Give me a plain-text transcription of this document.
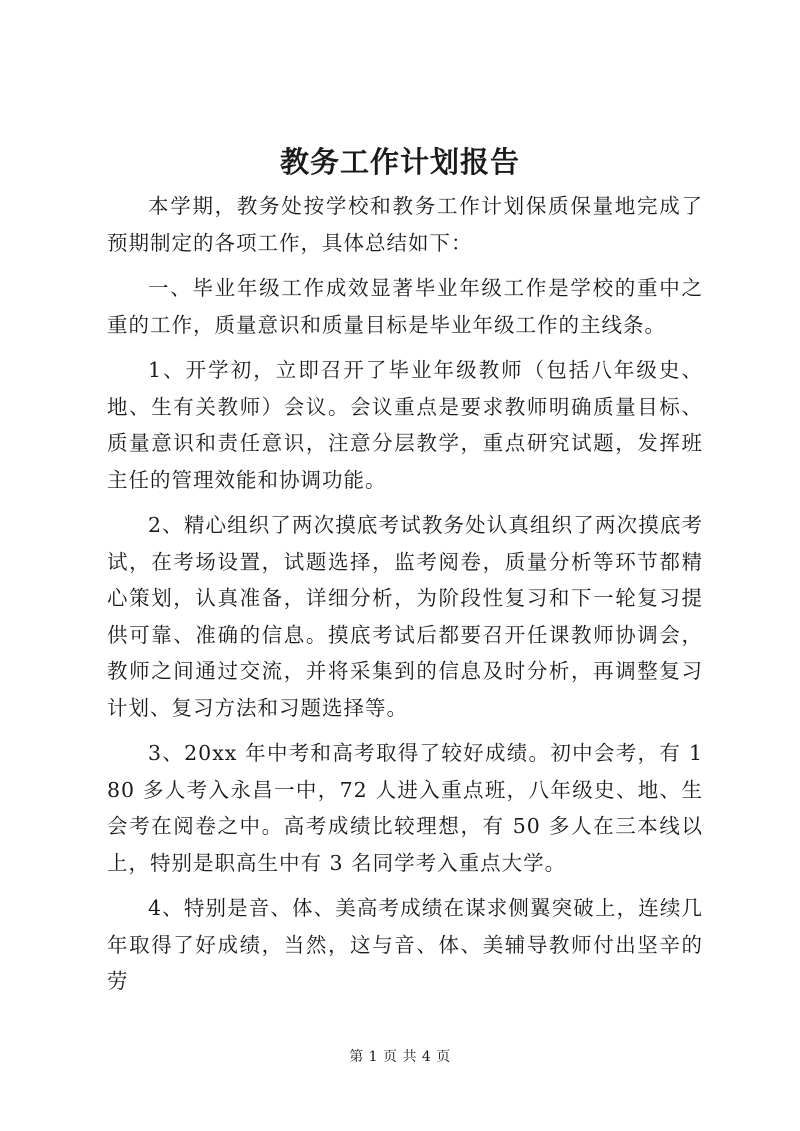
教务工作计划报告

本学期，教务处按学校和教务工作计划保质保量地完成了预期制定的各项工作，具体总结如下：

一、毕业年级工作成效显著毕业年级工作是学校的重中之重的工作，质量意识和质量目标是毕业年级工作的主线条。

1、开学初，立即召开了毕业年级教师（包括八年级史、地、生有关教师）会议。会议重点是要求教师明确质量目标、质量意识和责任意识，注意分层教学，重点研究试题，发挥班主任的管理效能和协调功能。

2、精心组织了两次摸底考试教务处认真组织了两次摸底考试，在考场设置，试题选择，监考阅卷，质量分析等环节都精心策划，认真准备，详细分析，为阶段性复习和下一轮复习提供可靠、准确的信息。摸底考试后都要召开任课教师协调会，教师之间通过交流，并将采集到的信息及时分析，再调整复习计划、复习方法和习题选择等。

3、20xx 年中考和高考取得了较好成绩。初中会考，有 180 多人考入永昌一中，72 人进入重点班，八年级史、地、生会考在阅卷之中。高考成绩比较理想，有 50 多人在三本线以上，特别是职高生中有 3 名同学考入重点大学。

4、特别是音、体、美高考成绩在谋求侧翼突破上，连续几年取得了好成绩，当然，这与音、体、美辅导教师付出坚辛的劳

第 1 页 共 4 页
